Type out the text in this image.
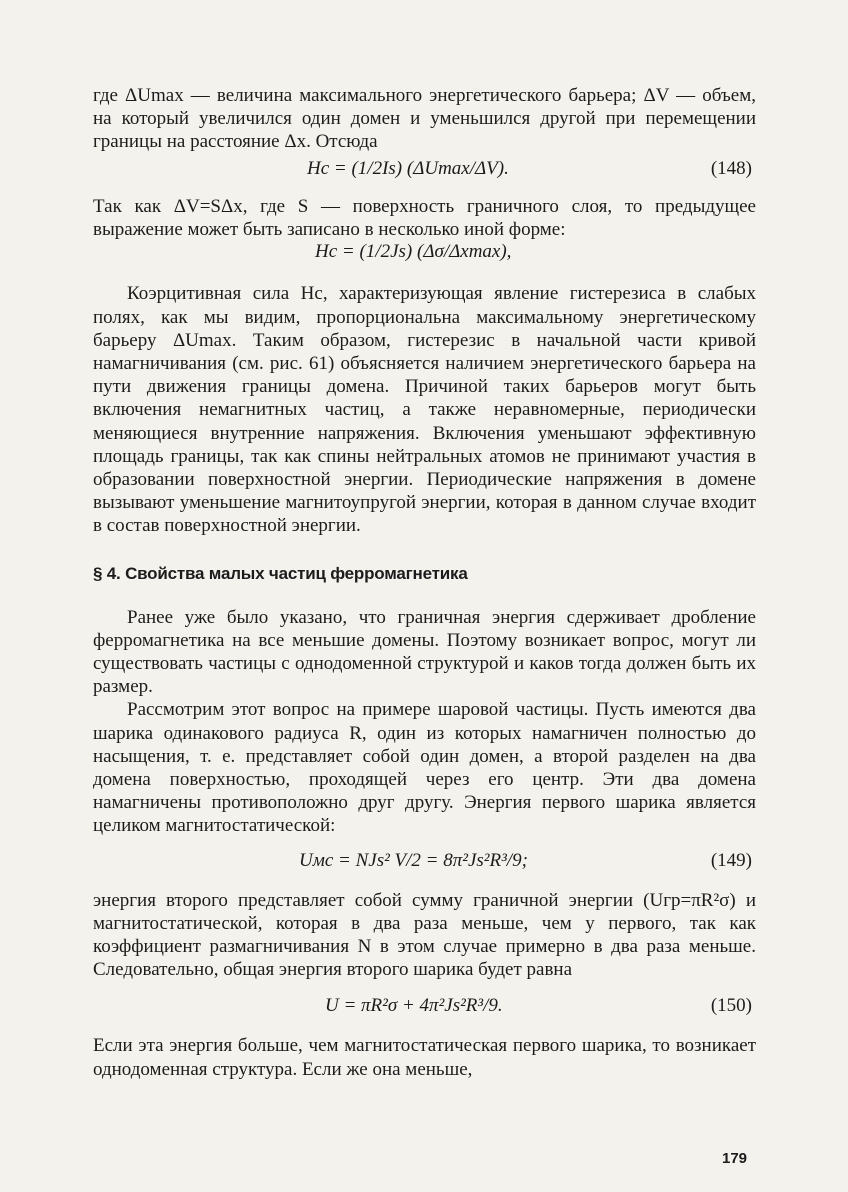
где ΔUmax — величина максимального энергетического барьера; ΔV — объем, на который увеличился один домен и уменьшился другой при перемещении границы на расстояние Δx. Отсюда

Hc = (1/2Is) (ΔUmax/ΔV).	(148)

Так как ΔV=SΔx, где S — поверхность граничного слоя, то предыдущее выражение может быть записано в несколько иной форме:

Hc = (1/2Js) (Δσ/Δxmax),

Коэрцитивная сила Hc, характеризующая явление гистерезиса в слабых полях, как мы видим, пропорциональна максимальному энергетическому барьеру ΔUmax. Таким образом, гистерезис в начальной части кривой намагничивания (см. рис. 61) объясняется наличием энергетического барьера на пути движения границы домена. Причиной таких барьеров могут быть включения немагнитных частиц, а также неравномерные, периодически меняющиеся внутренние напряжения. Включения уменьшают эффективную площадь границы, так как спины нейтральных атомов не принимают участия в образовании поверхностной энергии. Периодические напряжения в домене вызывают уменьшение магнитоупругой энергии, которая в данном случае входит в состав поверхностной энергии.

§ 4. Свойства малых частиц ферромагнетика

Ранее уже было указано, что граничная энергия сдерживает дробление ферромагнетика на все меньшие домены. Поэтому возникает вопрос, могут ли существовать частицы с однодоменной структурой и каков тогда должен быть их размер.

Рассмотрим этот вопрос на примере шаровой частицы. Пусть имеются два шарика одинакового радиуса R, один из которых намагничен полностью до насыщения, т. е. представляет собой один домен, а второй разделен на два домена поверхностью, проходящей через его центр. Эти два домена намагничены противоположно друг другу. Энергия первого шарика является целиком магнитостатической:

Uмс = NJs² V/2 = 8π²Js²R³/9;	(149)

энергия второго представляет собой сумму граничной энергии (Uгр=πR²σ) и магнитостатической, которая в два раза меньше, чем у первого, так как коэффициент размагничивания N в этом случае примерно в два раза меньше. Следовательно, общая энергия второго шарика будет равна

U = πR²σ + 4π²Js²R³/9.	(150)

Если эта энергия больше, чем магнитостатическая первого шарика, то возникает однодоменная структура. Если же она меньше,

179
